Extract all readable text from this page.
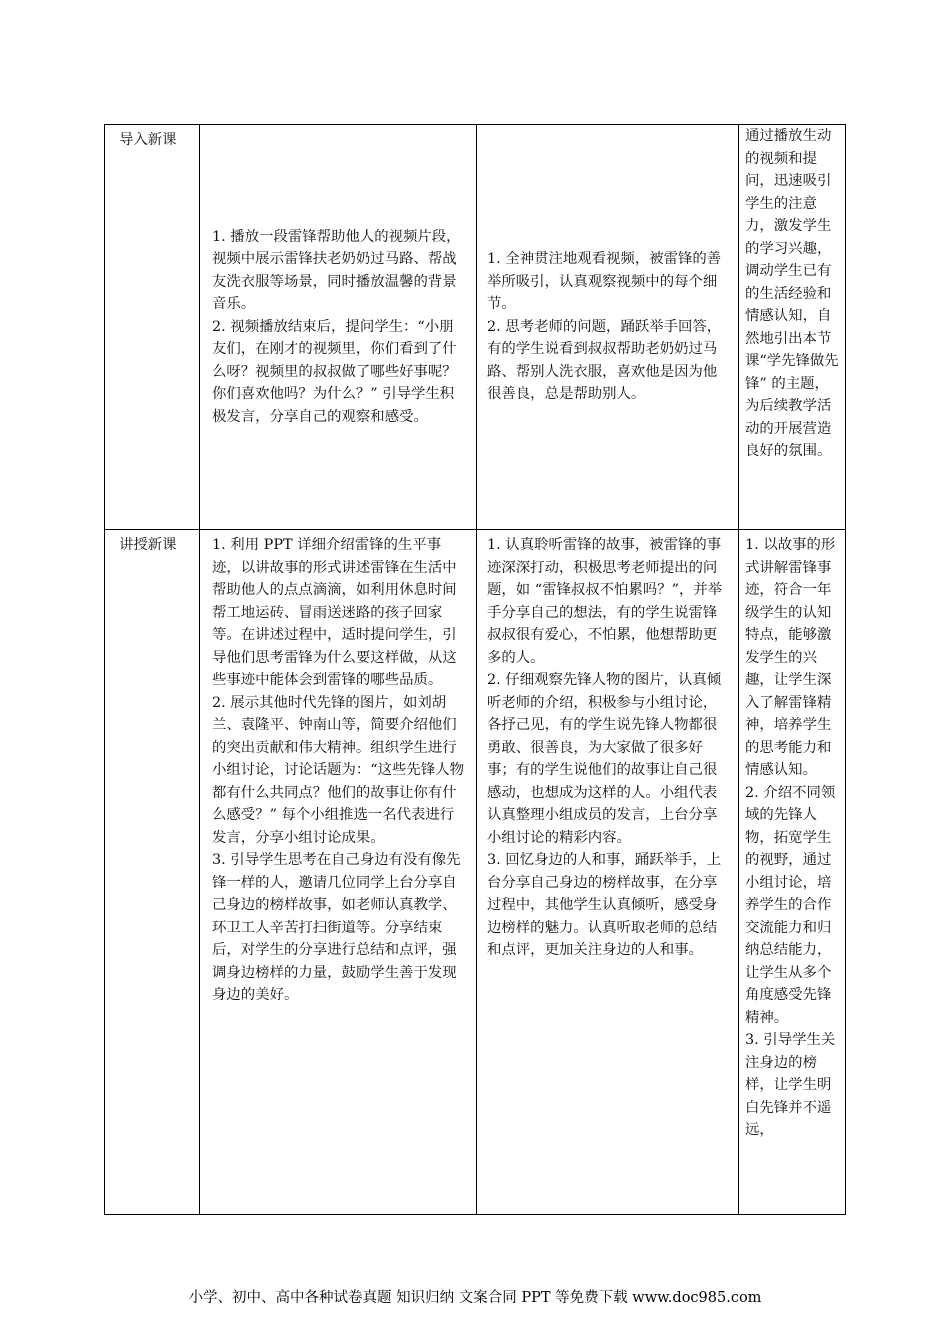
导入新课

1. 播放一段雷锋帮助他人的视频片段，视频中展示雷锋扶老奶奶过马路、帮战友洗衣服等场景，同时播放温馨的背景音乐。

2. 视频播放结束后，提问学生：“小朋友们，在刚才的视频里，你们看到了什么呀？视频里的叔叔做了哪些好事呢？你们喜欢他吗？为什么？” 引导学生积极发言，分享自己的观察和感受。

1. 全神贯注地观看视频，被雷锋的善举所吸引，认真观察视频中的每个细节。

2. 思考老师的问题，踊跃举手回答，有的学生说看到叔叔帮助老奶奶过马路、帮别人洗衣服，喜欢他是因为他很善良，总是帮助别人。

通过播放生动的视频和提问，迅速吸引学生的注意力，激发学生的学习兴趣，调动学生已有的生活经验和情感认知，自然地引出本节课“学先锋做先锋” 的主题，为后续教学活动的开展营造良好的氛围。

讲授新课	1. 利用 PPT 详细介绍雷锋的生平事迹，以讲故事的形式讲述雷锋在生活中帮助他人的点点滴滴，如利用休息时间帮工地运砖、冒雨送迷路的孩子回家等。在讲述过程中，适时提问学生，引导他们思考雷锋为什么要这样做，从这些事迹中能体会到雷锋的哪些品质。

2. 展示其他时代先锋的图片，如刘胡兰、袁隆平、钟南山等，简要介绍他们的突出贡献和伟大精神。组织学生进行小组讨论，讨论话题为：“这些先锋人物都有什么共同点？他们的故事让你有什么感受？” 每个小组推选一名代表进行发言，分享小组讨论成果。

3. 引导学生思考在自己身边有没有像先锋一样的人，邀请几位同学上台分享自己身边的榜样故事，如老师认真教学、环卫工人辛苦打扫街道等。分享结束后，对学生的分享进行总结和点评，强调身边榜样的力量，鼓励学生善于发现身边的美好。

1. 认真聆听雷锋的故事，被雷锋的事迹深深打动，积极思考老师提出的问题，如 “雷锋叔叔不怕累吗？”，并举手分享自己的想法，有的学生说雷锋叔叔很有爱心，不怕累，他想帮助更多的人。

2. 仔细观察先锋人物的图片，认真倾听老师的介绍，积极参与小组讨论，各抒己见，有的学生说先锋人物都很勇敢、很善良，为大家做了很多好事；有的学生说他们的故事让自己很感动，也想成为这样的人。小组代表认真整理小组成员的发言，上台分享小组讨论的精彩内容。

3. 回忆身边的人和事，踊跃举手，上台分享自己身边的榜样故事，在分享过程中，其他学生认真倾听，感受身边榜样的魅力。认真听取老师的总结和点评，更加关注身边的人和事。

1. 以故事的形式讲解雷锋事迹，符合一年级学生的认知特点，能够激发学生的兴趣，让学生深入了解雷锋精神，培养学生的思考能力和情感认知。

2. 介绍不同领域的先锋人物，拓宽学生的视野，通过小组讨论，培养学生的合作交流能力和归纳总结能力，让学生从多个角度感受先锋精神。

3. 引导学生关注身边的榜样，让学生明白先锋并不遥远，

小学、初中、高中各种试卷真题 知识归纳 文案合同 PPT 等免费下载 www.doc985.com
